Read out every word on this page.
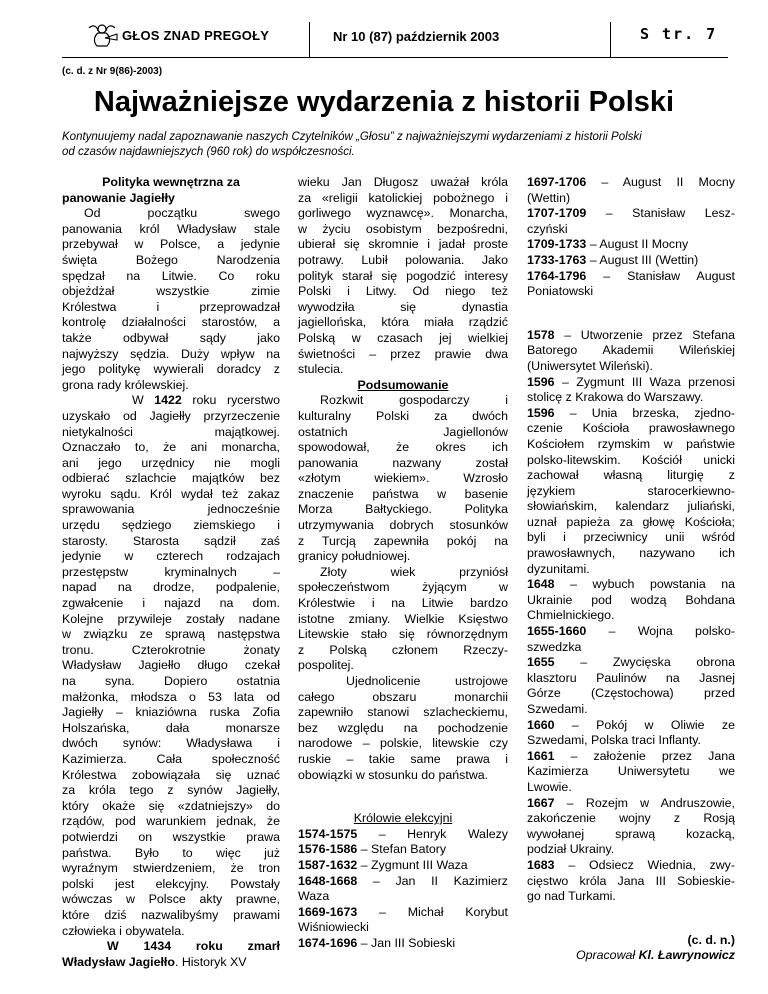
GŁOS ZNAD PREGOŁY	Nr 10 (87) październik 2003	S tr. 7
(c. d. z Nr 9(86)-2003)
Najważniejsze wydarzenia z historii Polski
Kontynuujemy nadal zapoznawanie naszych Czytelników „Głosu” z najważniejszymi wydarzeniami z historii Polski
od czasów najdawniejszych (960 rok) do współczesności.

Polityka wewnętrzna za

panowanie Jagiełły

Od początku swego

panowania król Władysław stale

przebywał w Polsce, a jedynie

święta Bożego Narodzenia

spędzał na Litwie. Co roku

objeżdżał wszystkie zimie

Królestwa i przeprowadzał

kontrolę działalności starostów, a

także odbywał sądy jako

najwyższy sędzia. Duży wpływ na

jego politykę wywierali doradcy z

grona rady królewskiej.

W 1422 roku rycerstwo

uzyskało od Jagiełły przyrzeczenie

nietykalności majątkowej.

Oznaczało to, że ani monarcha,

ani jego urzędnicy nie mogli

odbierać szlachcie majątków bez

wyroku sądu. Król wydał też zakaz

sprawowania jednocześnie

urzędu sędziego ziemskiego i

starosty. Starosta sądził zaś

jedynie w czterech rodzajach

przestępstw kryminalnych –

napad na drodze, podpalenie,

zgwałcenie i najazd na dom.

Kolejne przywileje zostały nadane

w związku ze sprawą następstwa

tronu. Czterokrotnie żonaty

Władysław Jagiełło długo czekał

na syna. Dopiero ostatnia

małżonka, młodsza o 53 lata od

Jagiełły – kniaziówna ruska Zofia

Holszańska, dała monarsze

dwóch synów: Władysława i

Kazimierza. Cała społeczność

Królestwa zobowiązała się uznać

za króla tego z synów Jagiełły,

który okaże się «zdatniejszy» do

rządów, pod warunkiem jednak, że

potwierdzi on wszystkie prawa

państwa. Było to więc już

wyraźnym stwierdzeniem, że tron

polski jest elekcyjny. Powstały

wówczas w Polsce akty prawne,

które dziś nazwalibyśmy prawami

człowieka i obywatela.

W 1434 roku zmarł

Władysław Jagiełło. Historyk XV

wieku Jan Długosz uważał króla

za «religii katolickiej pobożnego i

gorliwego wyznawcę». Monarcha,

w życiu osobistym bezpośredni,

ubierał się skromnie i jadał proste

potrawy. Lubił polowania. Jako

polityk starał się pogodzić interesy

Polski i Litwy. Od niego też

wywodziła się dynastia

jagiellońska, która miała rządzić

Polską w czasach jej wielkiej

świetności – przez prawie dwa

stulecia.

Podsumowanie

Rozkwit gospodarczy i

kulturalny Polski za dwóch

ostatnich Jagiellonów

spowodował, że okres ich

panowania nazwany został

«złotym wiekiem». Wzrosło

znaczenie państwa w basenie

Morza Bałtyckiego. Polityka

utrzymywania dobrych stosunków

z Turcją zapewniła pokój na

granicy południowej.

Złoty wiek przyniósł

społeczeństwom żyjącym w

Królestwie i na Litwie bardzo

istotne zmiany. Wielkie Księstwo

Litewskie stało się równorzędnym

z Polską członem Rzeczy-

pospolitej.

Ujednolicenie ustrojowe

całego obszaru monarchii

zapewniło stanowi szlacheckiemu,

bez względu na pochodzenie

narodowe – polskie, litewskie czy

ruskie – takie same prawa i

obowiązki w stosunku do państwa.

Królowie elekcyjni

1574-1575 – Henryk Walezy

1576-1586 – Stefan Batory

1587-1632 – Zygmunt III Waza

1648-1668 – Jan II Kazimierz

Waza

1669-1673 – Michał Korybut

Wiśniowiecki

1674-1696 – Jan III Sobieski

1697-1706 – August II Mocny

(Wettin)

1707-1709 – Stanisław Lesz-

czyński

1709-1733 – August II Mocny

1733-1763 – August III (Wettin)

1764-1796 – Stanisław August

Poniatowski

1578 – Utworzenie przez Stefana

Batorego Akademii Wileńskiej

(Uniwersytet Wileński).

1596 – Zygmunt III Waza przenosi

stolicę z Krakowa do Warszawy.

1596 – Unia brzeska, zjedno-

czenie Kościoła prawosławnego

Kościołem rzymskim w państwie

polsko-litewskim. Kościół unicki

zachował własną liturgię z

językiem starocerkiewno-

słowiańskim, kalendarz juliański,

uznał papieża za głowę Kościoła;

byli i przeciwnicy unii wśród

prawosławnych, nazywano ich

dyzunitami.

1648 – wybuch powstania na

Ukrainie pod wodzą Bohdana

Chmielnickiego.

1655-1660 – Wojna polsko-

szwedzka

1655 – Zwycięska obrona

klasztoru Paulinów na Jasnej

Górze (Częstochowa) przed

Szwedami.

1660 – Pokój w Oliwie ze

Szwedami, Polska traci Inflanty.

1661 – założenie przez Jana

Kazimierza Uniwersytetu we

Lwowie.

1667 – Rozejm w Andruszowie,

zakończenie wojny z Rosją

wywołanej sprawą kozacką,

podział Ukrainy.

1683 – Odsiecz Wiednia, zwy-

cięstwo króla Jana III Sobieskie-

go nad Turkami.

(c. d. n.)

Opracował Kl. Ławrynowicz
